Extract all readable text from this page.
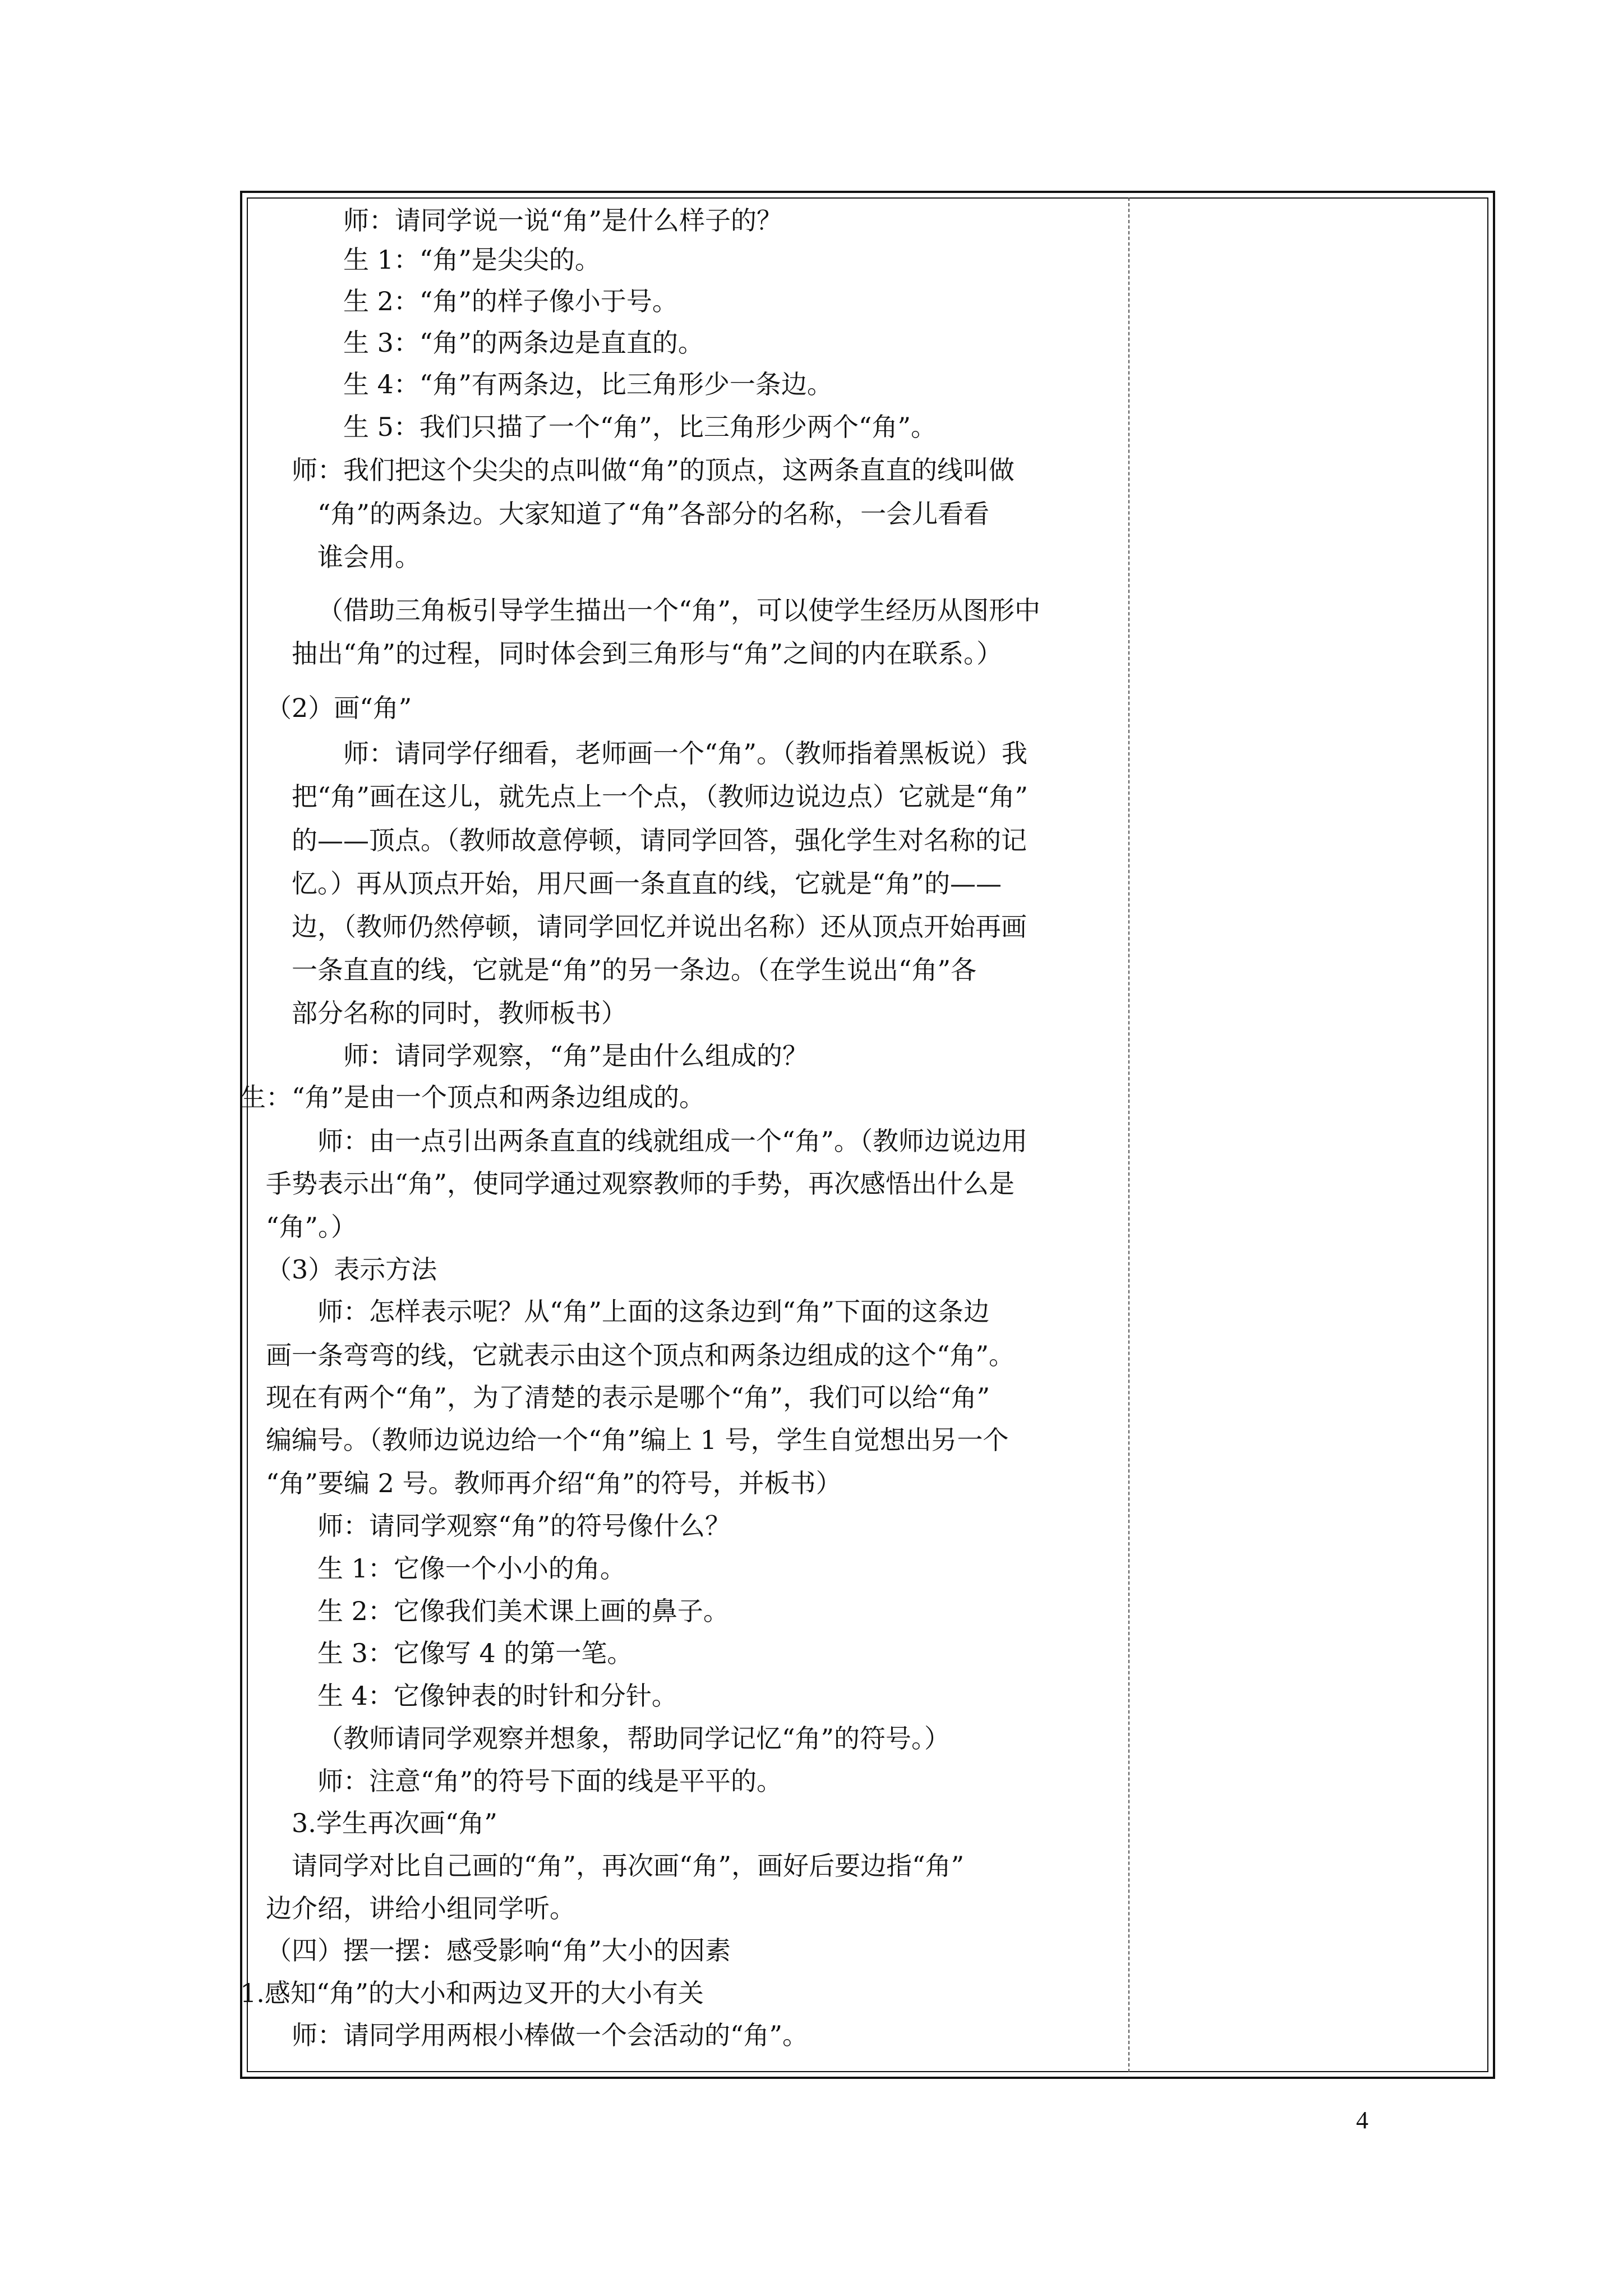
师：请同学说一说“角”是什么样子的？
生 1：“角”是尖尖的。
生 2：“角”的样子像小于号。
生 3：“角”的两条边是直直的。
生 4：“角”有两条边，比三角形少一条边。
生 5：我们只描了一个“角”，比三角形少两个“角”。
师：我们把这个尖尖的点叫做“角”的顶点，这两条直直的线叫做
“角”的两条边。大家知道了“角”各部分的名称，一会儿看看
谁会用。
（借助三角板引导学生描出一个“角”，可以使学生经历从图形中
抽出“角”的过程，同时体会到三角形与“角”之间的内在联系。）
（2）画“角”
师：请同学仔细看，老师画一个“角”。（教师指着黑板说）我
把“角”画在这儿，就先点上一个点，（教师边说边点）它就是“角”
的——顶点。（教师故意停顿，请同学回答，强化学生对名称的记
忆。）再从顶点开始，用尺画一条直直的线，它就是“角”的——
边，（教师仍然停顿，请同学回忆并说出名称）还从顶点开始再画
一条直直的线，它就是“角”的另一条边。（在学生说出“角”各
部分名称的同时，教师板书）
师：请同学观察，“角”是由什么组成的？
生：“角”是由一个顶点和两条边组成的。
师：由一点引出两条直直的线就组成一个“角”。（教师边说边用
手势表示出“角”，使同学通过观察教师的手势，再次感悟出什么是
“角”。）
（3）表示方法
师：怎样表示呢？从“角”上面的这条边到“角”下面的这条边
画一条弯弯的线，它就表示由这个顶点和两条边组成的这个“角”。
现在有两个“角”，为了清楚的表示是哪个“角”，我们可以给“角”
编编号。（教师边说边给一个“角”编上 1 号，学生自觉想出另一个
“角”要编 2 号。教师再介绍“角”的符号，并板书）
师：请同学观察“角”的符号像什么？
生 1：它像一个小小的角。
生 2：它像我们美术课上画的鼻子。
生 3：它像写 4 的第一笔。
生 4：它像钟表的时针和分针。
（教师请同学观察并想象，帮助同学记忆“角”的符号。）
师：注意“角”的符号下面的线是平平的。
3.学生再次画“角”
请同学对比自己画的“角”，再次画“角”，画好后要边指“角”
边介绍，讲给小组同学听。
（四）摆一摆：感受影响“角”大小的因素
1.感知“角”的大小和两边叉开的大小有关
师：请同学用两根小棒做一个会活动的“角”。
4
